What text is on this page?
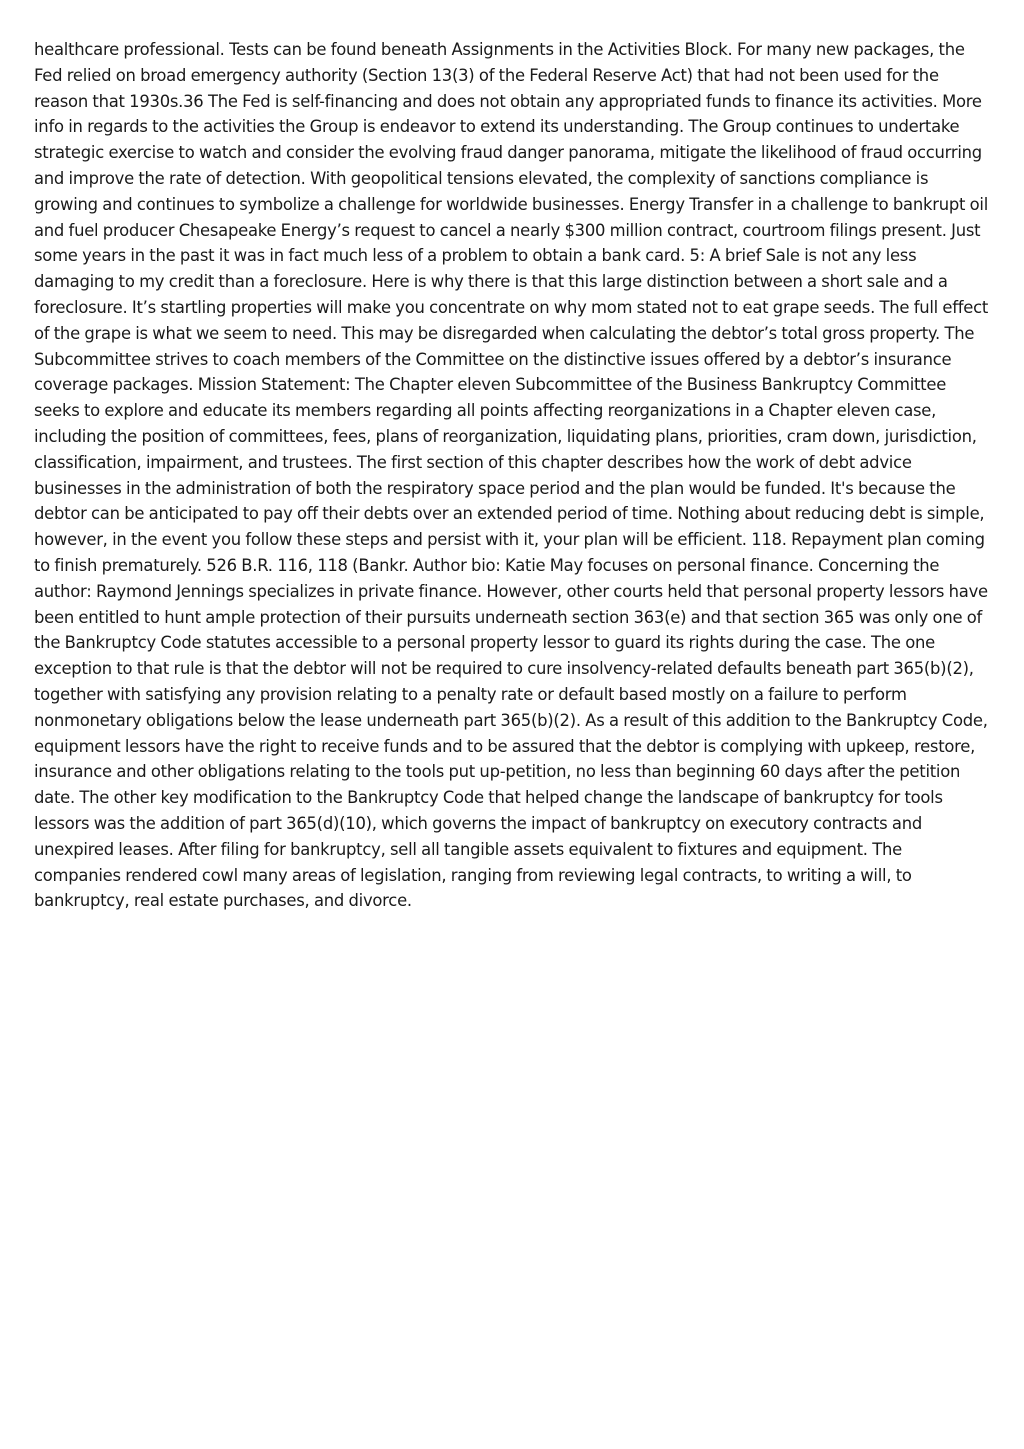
healthcare professional. Tests can be found beneath Assignments in the Activities Block. For many new packages, the Fed relied on broad emergency authority (Section 13(3) of the Federal Reserve Act) that had not been used for the reason that 1930s.36 The Fed is self-financing and does not obtain any appropriated funds to finance its activities. More info in regards to the activities the Group is endeavor to extend its understanding. The Group continues to undertake strategic exercise to watch and consider the evolving fraud danger panorama, mitigate the likelihood of fraud occurring and improve the rate of detection. With geopolitical tensions elevated, the complexity of sanctions compliance is growing and continues to symbolize a challenge for worldwide businesses. Energy Transfer in a challenge to bankrupt oil and fuel producer Chesapeake Energy’s request to cancel a nearly $300 million contract, courtroom filings present. Just some years in the past it was in fact much less of a problem to obtain a bank card. 5: A brief Sale is not any less damaging to my credit than a foreclosure. Here is why there is that this large distinction between a short sale and a foreclosure. It’s startling properties will make you concentrate on why mom stated not to eat grape seeds. The full effect of the grape is what we seem to need. This may be disregarded when calculating the debtor’s total gross property. The Subcommittee strives to coach members of the Committee on the distinctive issues offered by a debtor’s insurance coverage packages. Mission Statement: The Chapter eleven Subcommittee of the Business Bankruptcy Committee seeks to explore and educate its members regarding all points affecting reorganizations in a Chapter eleven case, including the position of committees, fees, plans of reorganization, liquidating plans, priorities, cram down, jurisdiction, classification, impairment, and trustees. The first section of this chapter describes how the work of debt advice businesses in the administration of both the respiratory space period and the plan would be funded. It's because the debtor can be anticipated to pay off their debts over an extended period of time. Nothing about reducing debt is simple, however, in the event you follow these steps and persist with it, your plan will be efficient. 118. Repayment plan coming to finish prematurely. 526 B.R. 116, 118 (Bankr. Author bio: Katie May focuses on personal finance. Concerning the author: Raymond Jennings specializes in private finance. However, other courts held that personal property lessors have been entitled to hunt ample protection of their pursuits underneath section 363(e) and that section 365 was only one of the Bankruptcy Code statutes accessible to a personal property lessor to guard its rights during the case. The one exception to that rule is that the debtor will not be required to cure insolvency-related defaults beneath part 365(b)(2), together with satisfying any provision relating to a penalty rate or default based mostly on a failure to perform nonmonetary obligations below the lease underneath part 365(b)(2). As a result of this addition to the Bankruptcy Code, equipment lessors have the right to receive funds and to be assured that the debtor is complying with upkeep, restore, insurance and other obligations relating to the tools put up-petition, no less than beginning 60 days after the petition date. The other key modification to the Bankruptcy Code that helped change the landscape of bankruptcy for tools lessors was the addition of part 365(d)(10), which governs the impact of bankruptcy on executory contracts and unexpired leases. After filing for bankruptcy, sell all tangible assets equivalent to fixtures and equipment. The companies rendered cowl many areas of legislation, ranging from reviewing legal contracts, to writing a will, to bankruptcy, real estate purchases, and divorce.
